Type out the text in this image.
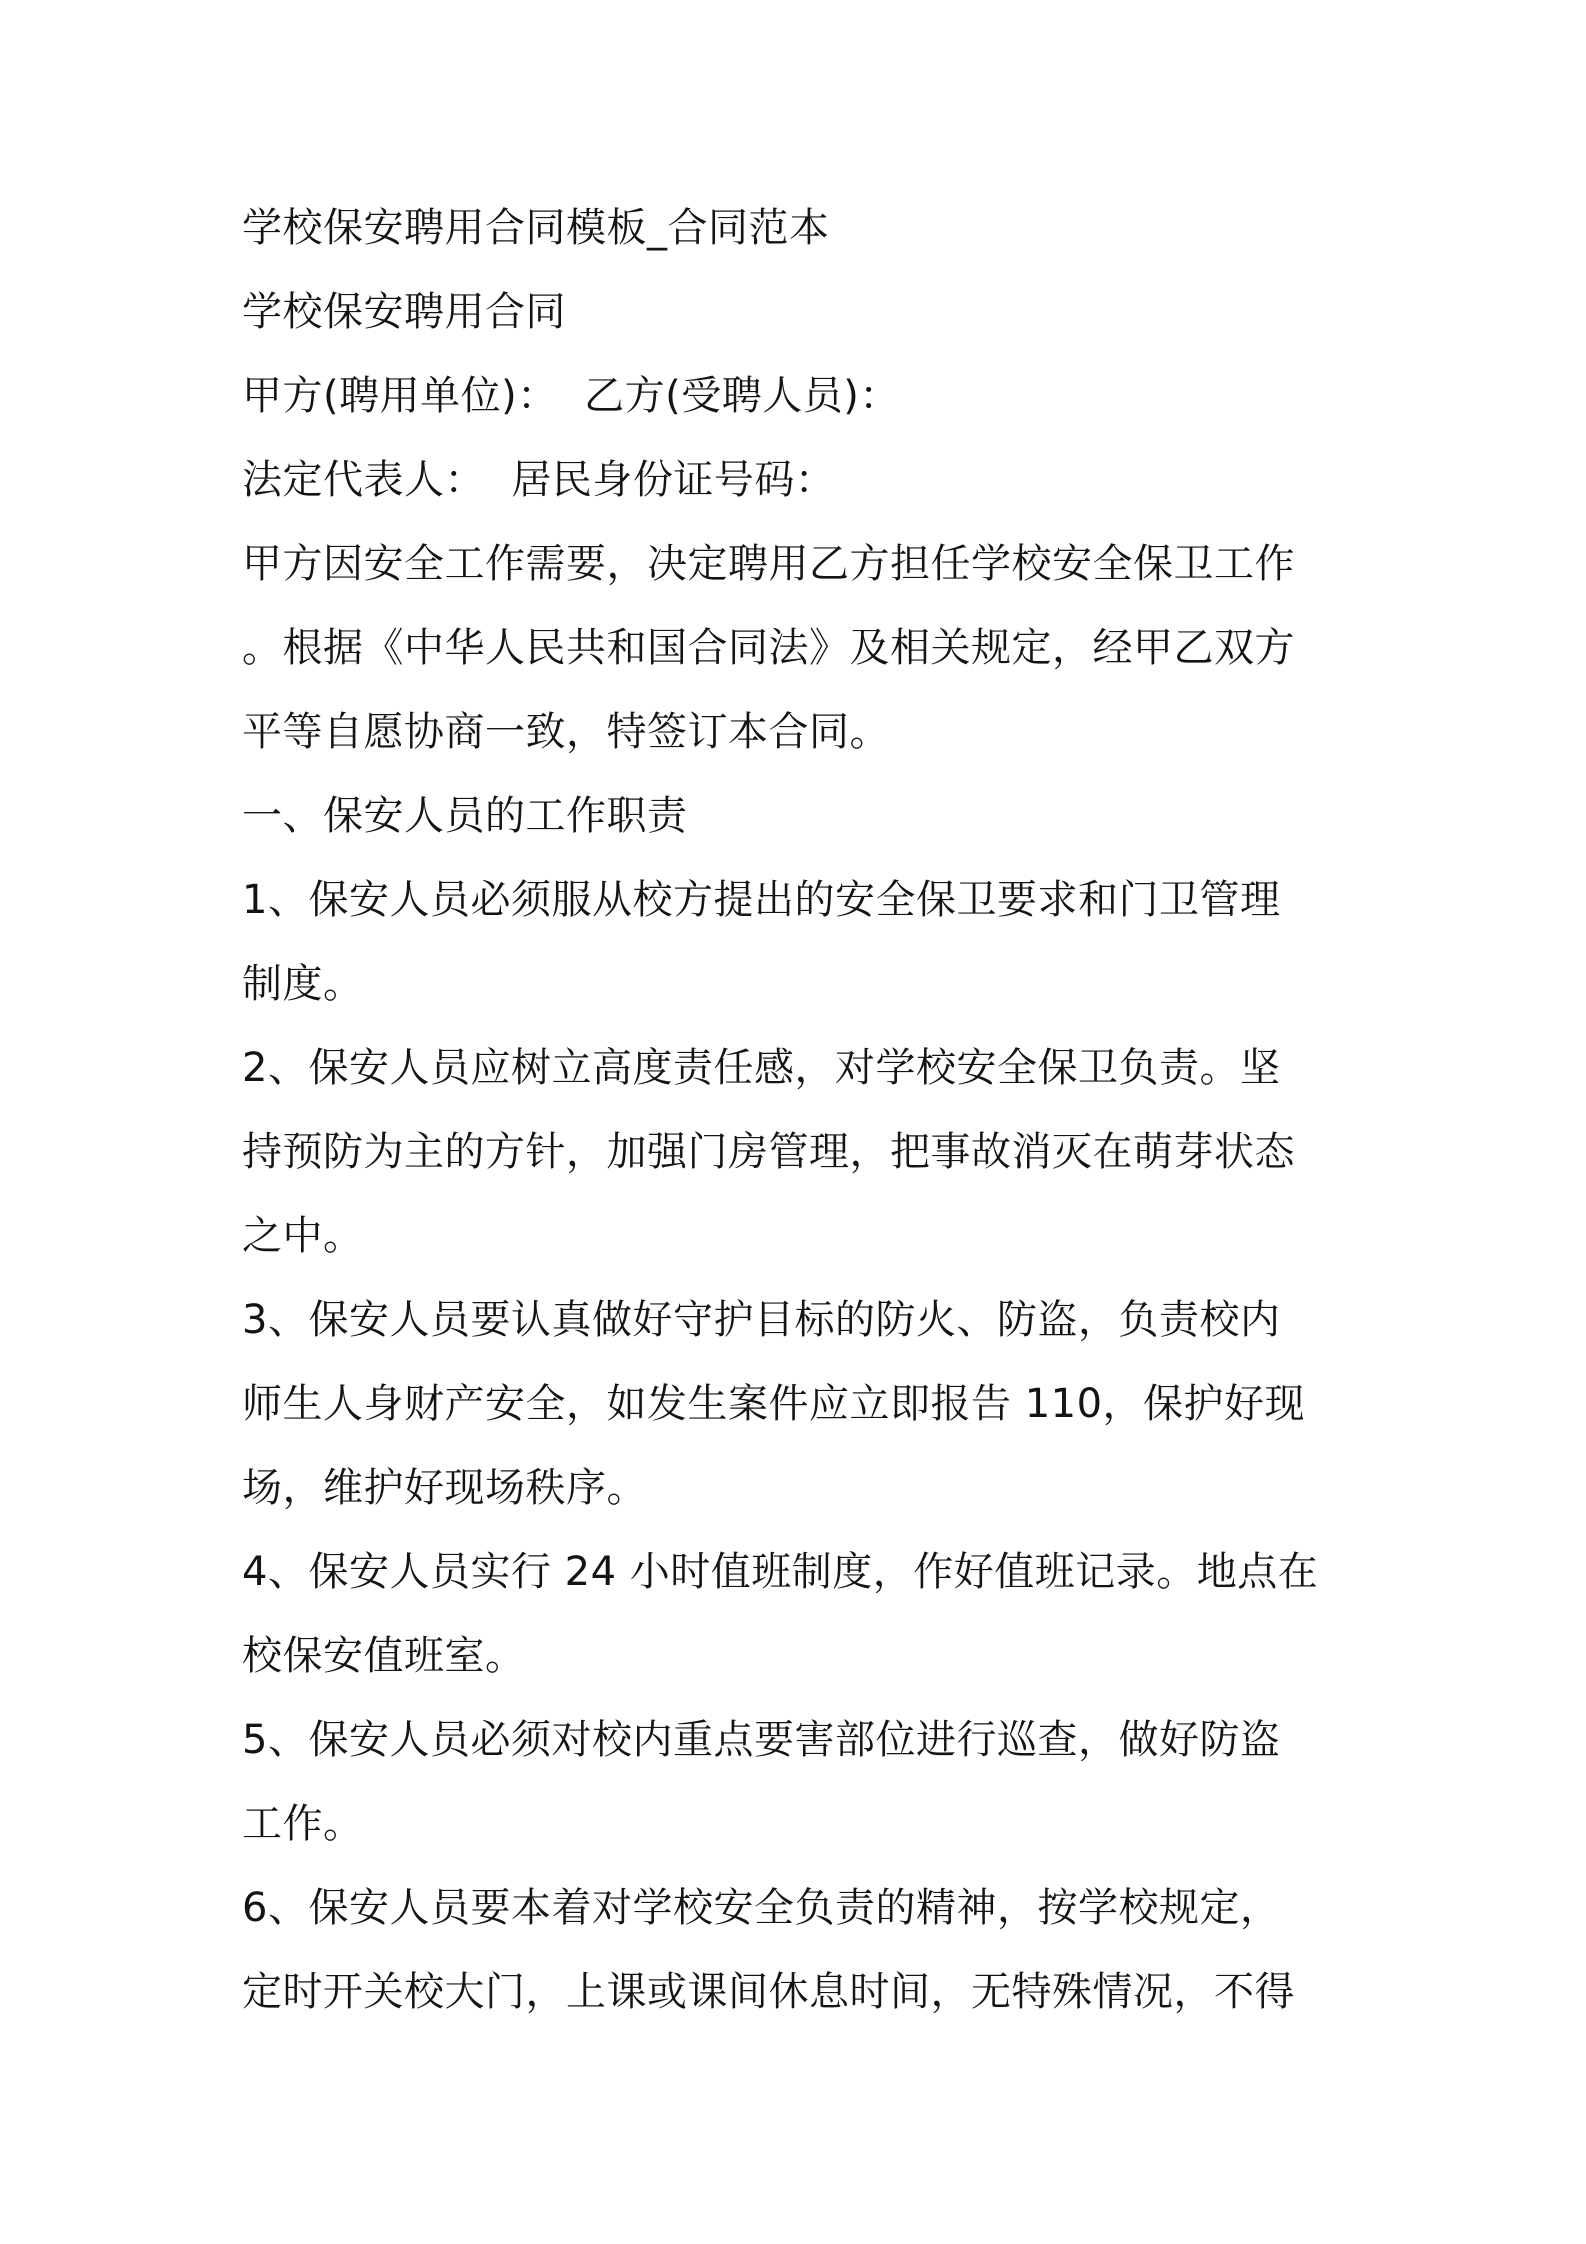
学校保安聘用合同模板_合同范本

学校保安聘用合同

甲方(聘用单位)：  乙方(受聘人员)：

法定代表人：  居民身份证号码：

甲方因安全工作需要，决定聘用乙方担任学校安全保卫工作

。根据《中华人民共和国合同法》及相关规定，经甲乙双方

平等自愿协商一致，特签订本合同。

一、保安人员的工作职责

1、保安人员必须服从校方提出的安全保卫要求和门卫管理

制度。

2、保安人员应树立高度责任感，对学校安全保卫负责。坚

持预防为主的方针，加强门房管理，把事故消灭在萌芽状态

之中。

3、保安人员要认真做好守护目标的防火、防盗，负责校内

师生人身财产安全，如发生案件应立即报告 110，保护好现

场，维护好现场秩序。

4、保安人员实行 24 小时值班制度，作好值班记录。地点在

校保安值班室。

5、保安人员必须对校内重点要害部位进行巡查，做好防盗

工作。

6、保安人员要本着对学校安全负责的精神，按学校规定，

定时开关校大门，上课或课间休息时间，无特殊情况，不得
